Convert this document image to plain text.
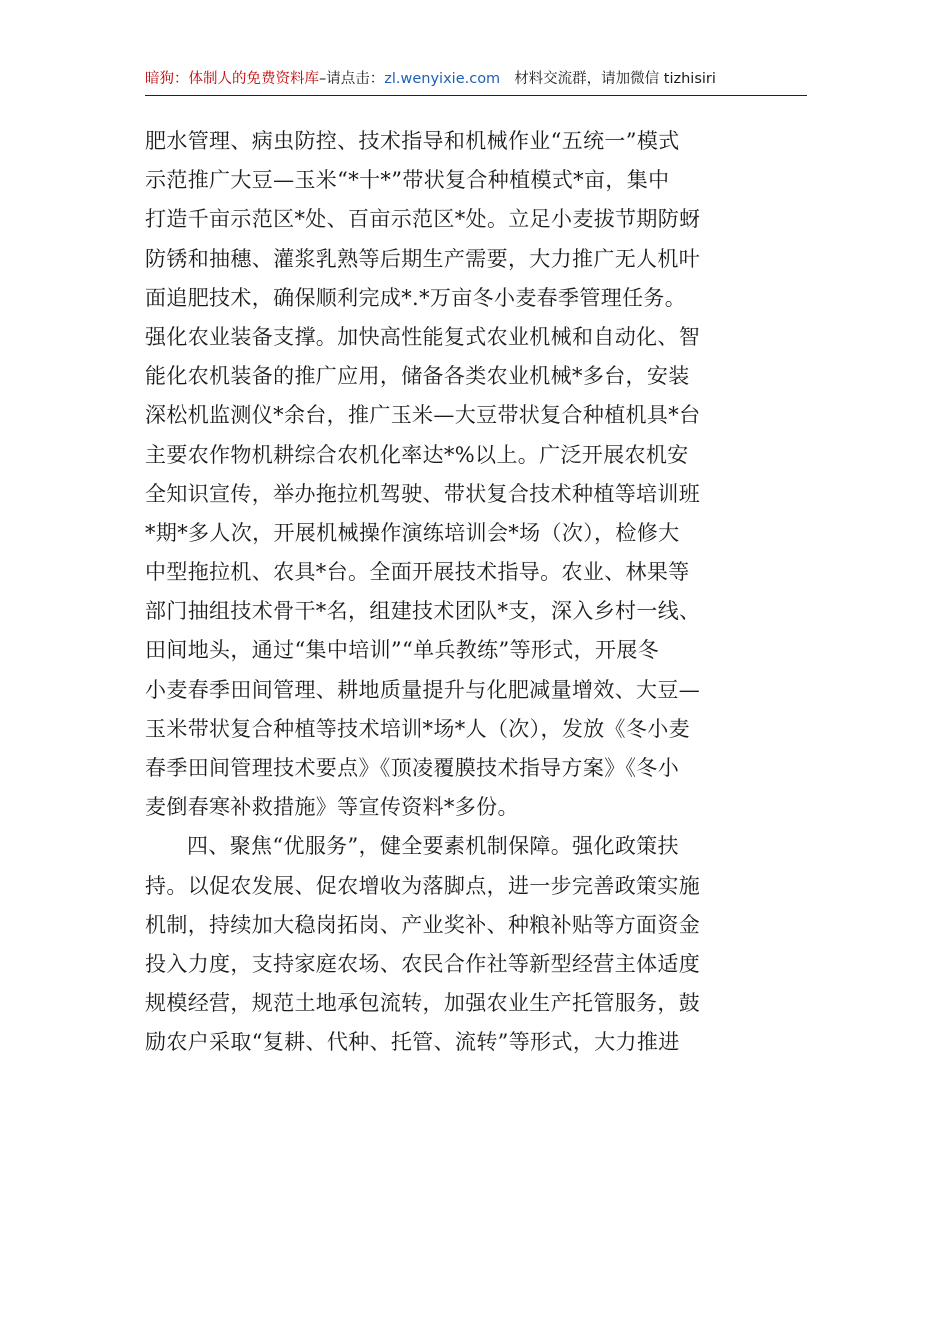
暗狗：体制人的免费资料库 –请点击： zl.wenyixie.com 材料交流群，请加微信 tizhisiri
肥水管理、病虫防控、技术指导和机械作业“五统一”模式
示范推广大豆—玉米“*十*”带状复合种植模式*亩，集中
打造千亩示范区*处、百亩示范区*处。立足小麦拔节期防蚜
防锈和抽穗、灌浆乳熟等后期生产需要，大力推广无人机叶
面追肥技术，确保顺利完成*.*万亩冬小麦春季管理任务。
强化农业装备支撑。加快高性能复式农业机械和自动化、智
能化农机装备的推广应用，储备各类农业机械*多台，安装
深松机监测仪*余台，推广玉米—大豆带状复合种植机具*台
主要农作物机耕综合农机化率达*%以上。广泛开展农机安
全知识宣传，举办拖拉机驾驶、带状复合技术种植等培训班
*期*多人次，开展机械操作演练培训会*场（次），检修大
中型拖拉机、农具*台。全面开展技术指导。农业、林果等
部门抽组技术骨干*名，组建技术团队*支，深入乡村一线、
田间地头，通过“集中培训”“单兵教练”等形式，开展冬
小麦春季田间管理、耕地质量提升与化肥减量增效、大豆—
玉米带状复合种植等技术培训*场*人（次），发放《冬小麦
春季田间管理技术要点》《顶凌覆膜技术指导方案》《冬小
麦倒春寒补救措施》等宣传资料*多份。
四、聚焦“优服务”，健全要素机制保障。强化政策扶
持。以促农发展、促农增收为落脚点，进一步完善政策实施
机制，持续加大稳岗拓岗、产业奖补、种粮补贴等方面资金
投入力度，支持家庭农场、农民合作社等新型经营主体适度
规模经营，规范土地承包流转，加强农业生产托管服务，鼓
励农户采取“复耕、代种、托管、流转”等形式，大力推进
